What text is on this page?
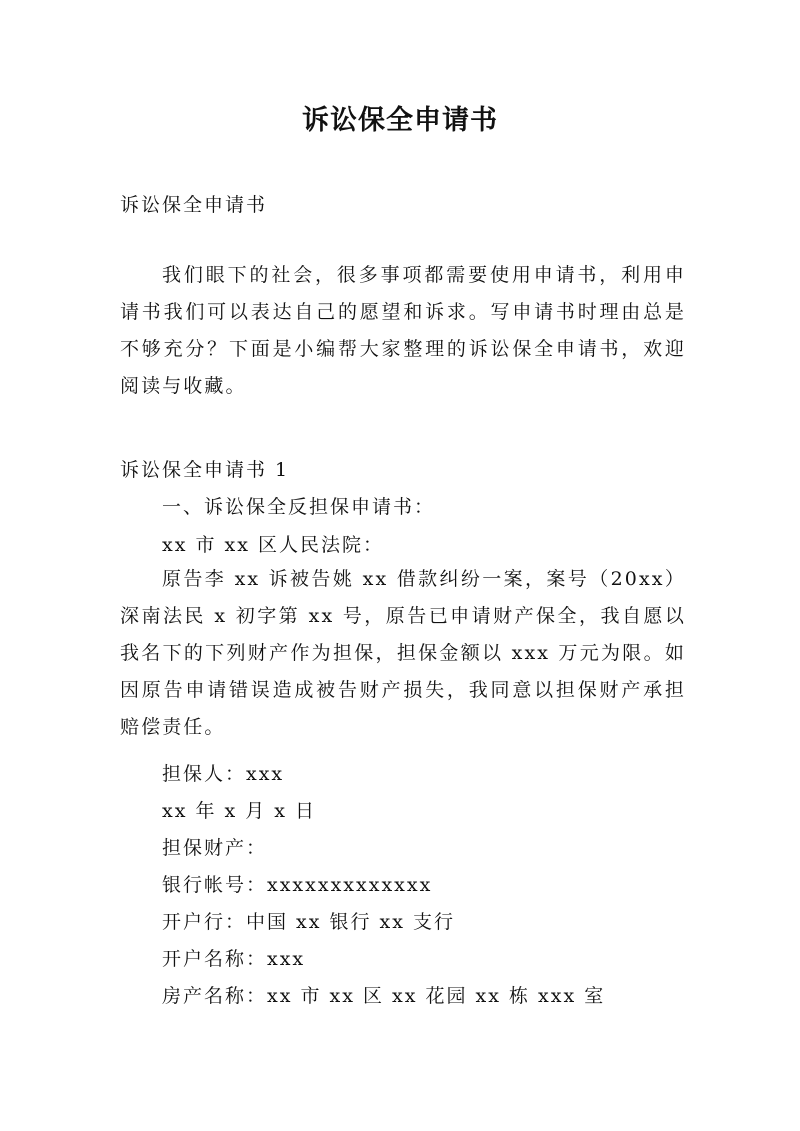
诉讼保全申请书

诉讼保全申请书

我们眼下的社会，很多事项都需要使用申请书，利用申请书我们可以表达自己的愿望和诉求。写申请书时理由总是不够充分？下面是小编帮大家整理的诉讼保全申请书，欢迎阅读与收藏。

诉讼保全申请书 1

一、诉讼保全反担保申请书：

xx 市 xx 区人民法院：

原告李 xx 诉被告姚 xx 借款纠纷一案，案号（20xx）深南法民 x 初字第 xx 号，原告已申请财产保全，我自愿以我名下的下列财产作为担保，担保金额以 xxx 万元为限。如因原告申请错误造成被告财产损失，我同意以担保财产承担赔偿责任。

担保人：xxx

xx 年 x 月 x 日

担保财产：

银行帐号：xxxxxxxxxxxxx

开户行：中国 xx 银行 xx 支行

开户名称：xxx

房产名称：xx 市 xx 区 xx 花园 xx 栋 xxx 室
